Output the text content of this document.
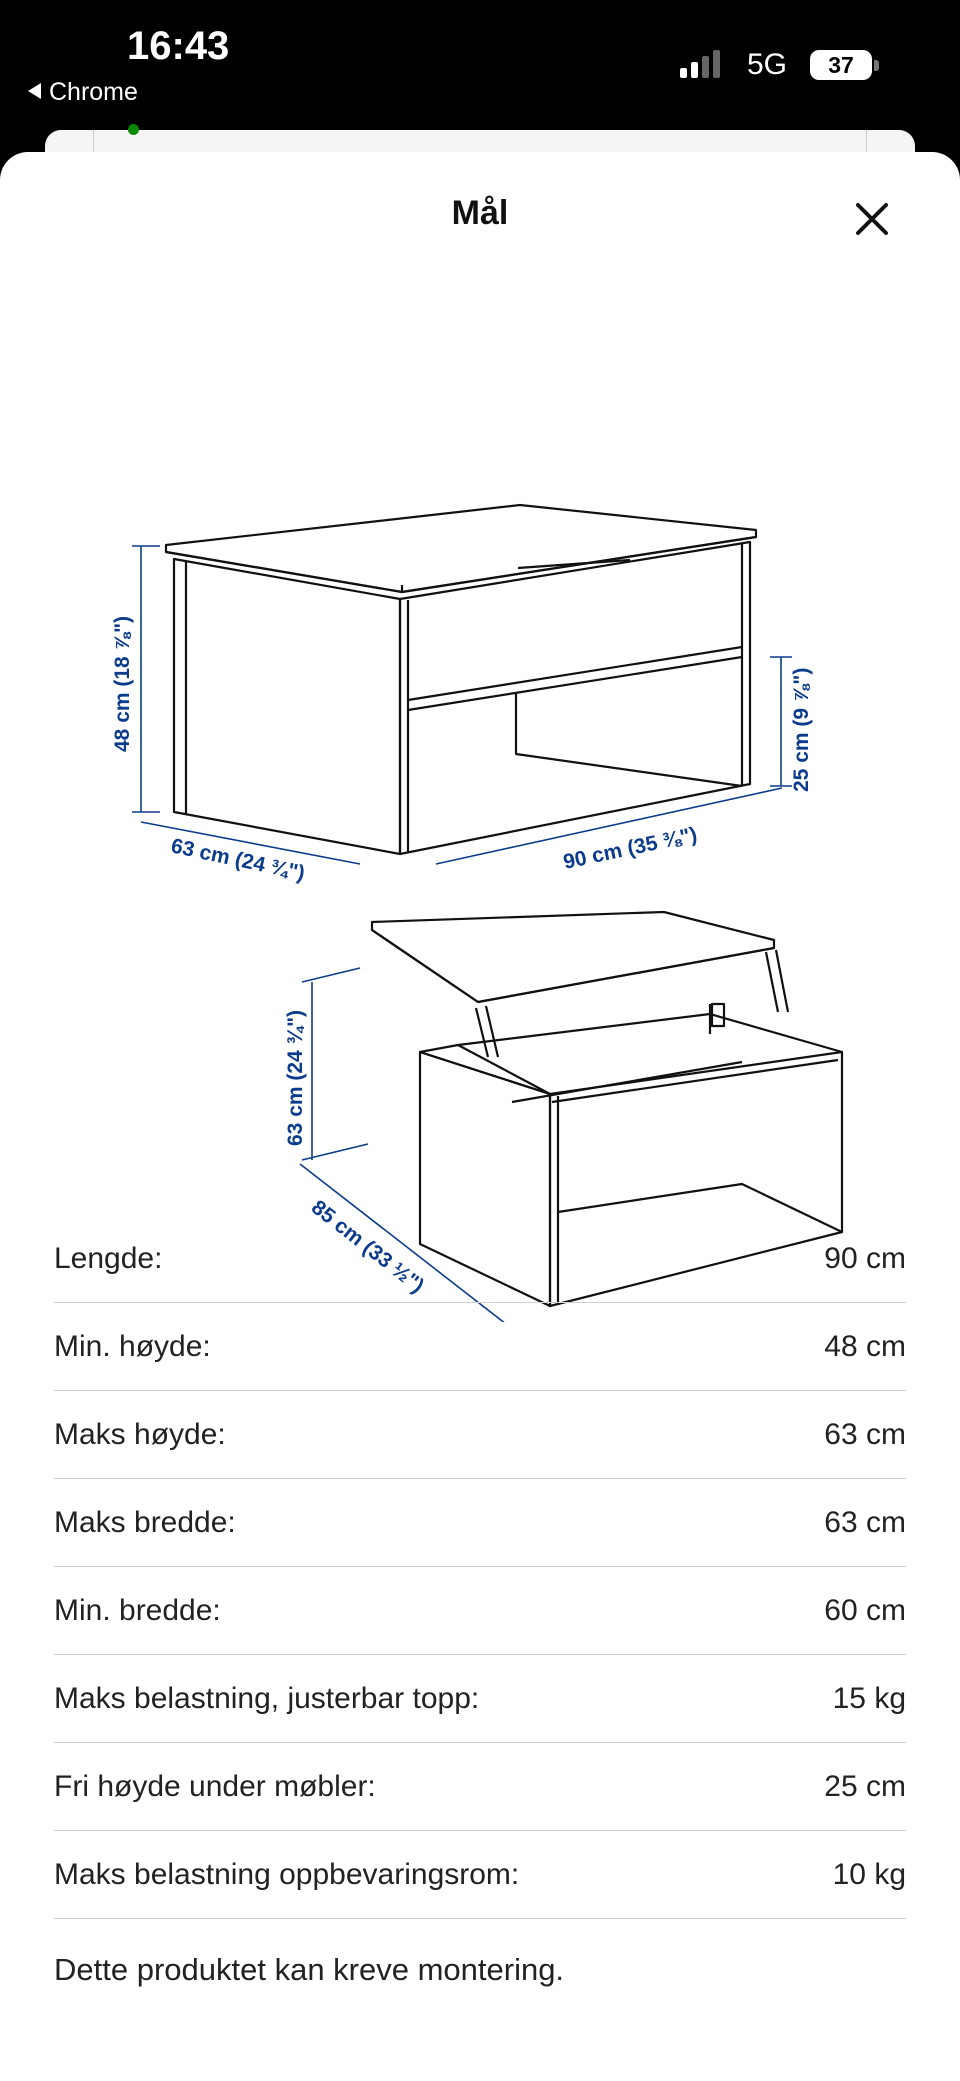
16:43
Chrome
5G	37
Tilgjengelig
Mål
48 cm (18 ⅞")
63 cm (24 ¾")	90 cm (35 ⅜")
25 cm (9 ⅞")
63 cm (24 ¾")
85 cm (33 ½")
Lengde:	90 cm
Min. høyde:	48 cm
Maks høyde:	63 cm
Maks bredde:	63 cm
Min. bredde:	60 cm
Maks belastning, justerbar topp:	15 kg
Fri høyde under møbler:	25 cm
Maks belastning oppbevaringsrom:	10 kg
Dette produktet kan kreve montering.
